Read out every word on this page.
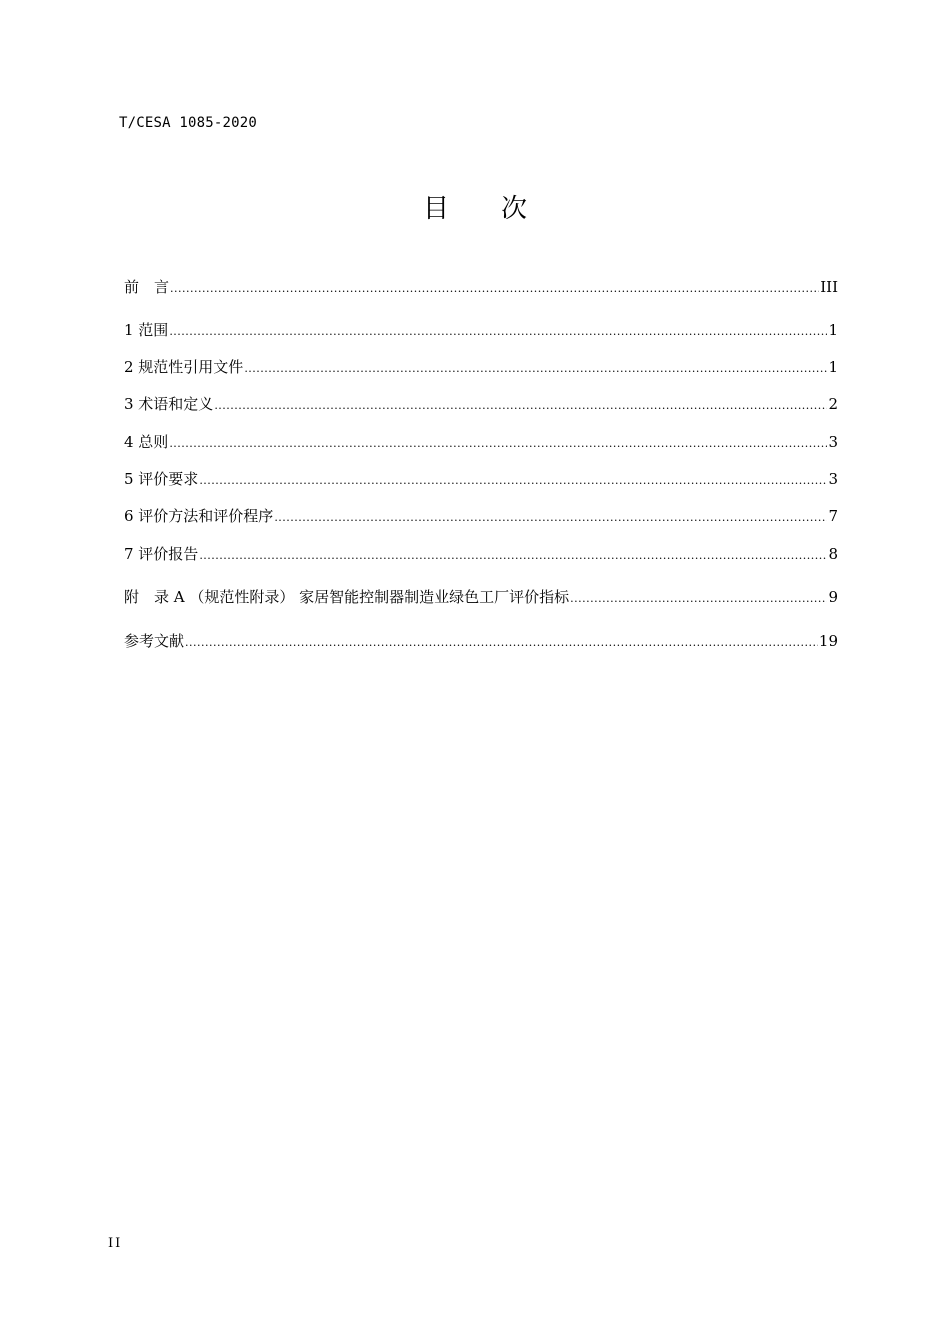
T/CESA 1085-2020
目 次
前　言 .....	III
1 范围 .....	1
2 规范性引用文件 .....	1
3 术语和定义 .....	2
4 总则 .....	3
5 评价要求 .....	3
6 评价方法和评价程序 .....	7
7 评价报告 .....	8
附　录 A （规范性附录） 家居智能控制器制造业绿色工厂评价指标 .....	9
参考文献 .....	19
II
